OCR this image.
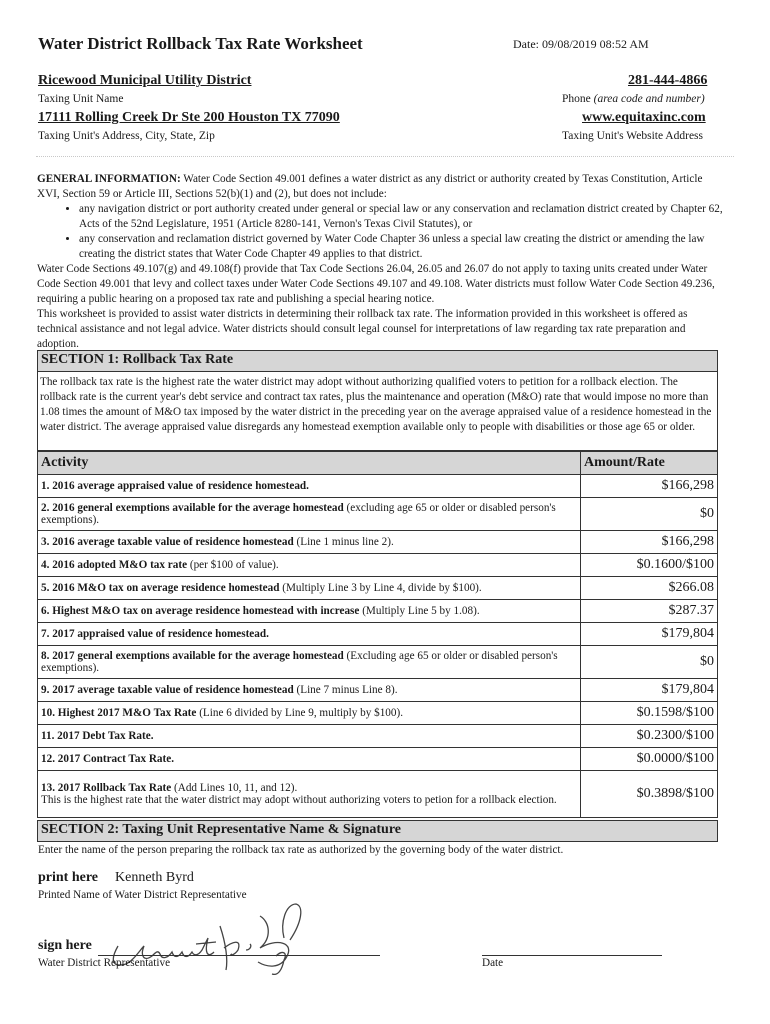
Water District Rollback Tax Rate Worksheet	Date: 09/08/2019 08:52 AM
Ricewood Municipal Utility District
Taxing Unit Name
281-444-4866
Phone (area code and number)
17111 Rolling Creek Dr Ste 200 Houston TX 77090
Taxing Unit's Address, City, State, Zip
www.equitaxinc.com
Taxing Unit's Website Address

GENERAL INFORMATION: Water Code Section 49.001 defines a water district as any district or authority created by Texas Constitution, Article XVI, Section 59 or Article III, Sections 52(b)(1) and (2), but does not include:

• any navigation district or port authority created under general or special law or any conservation and reclamation district created by Chapter 62, Acts of the 52nd Legislature, 1951 (Article 8280-141, Vernon's Texas Civil Statutes), or
• any conservation and reclamation district governed by Water Code Chapter 36 unless a special law creating the district or amending the law creating the district states that Water Code Chapter 49 applies to that district.

Water Code Sections 49.107(g) and 49.108(f) provide that Tax Code Sections 26.04, 26.05 and 26.07 do not apply to taxing units created under Water Code Section 49.001 that levy and collect taxes under Water Code Sections 49.107 and 49.108. Water districts must follow Water Code Section 49.236, requiring a public hearing on a proposed tax rate and publishing a special hearing notice.

This worksheet is provided to assist water districts in determining their rollback tax rate. The information provided in this worksheet is offered as technical assistance and not legal advice. Water districts should consult legal counsel for interpretations of law regarding tax rate preparation and adoption.

SECTION 1: Rollback Tax Rate
The rollback tax rate is the highest rate the water district may adopt without authorizing qualified voters to petition for a rollback election. The rollback rate is the current year's debt service and contract tax rates, plus the maintenance and operation (M&O) rate that would impose no more than 1.08 times the amount of M&O tax imposed by the water district in the preceding year on the average appraised value of a residence homestead in the water district. The average appraised value disregards any homestead exemption available only to people with disabilities or those age 65 or older.
Activity	Amount/Rate
1. 2016 average appraised value of residence homestead.	$166,298
2. 2016 general exemptions available for the average homestead (excluding age 65 or older or disabled person's exemptions).	$0
3. 2016 average taxable value of residence homestead (Line 1 minus line 2).	$166,298
4. 2016 adopted M&O tax rate (per $100 of value).	$0.1600/$100
5. 2016 M&O tax on average residence homestead (Multiply Line 3 by Line 4, divide by $100).	$266.08
6. Highest M&O tax on average residence homestead with increase (Multiply Line 5 by 1.08).	$287.37
7. 2017 appraised value of residence homestead.	$179,804
8. 2017 general exemptions available for the average homestead (Excluding age 65 or older or disabled person's exemptions).	$0
9. 2017 average taxable value of residence homestead (Line 7 minus Line 8).	$179,804
10. Highest 2017 M&O Tax Rate (Line 6 divided by Line 9, multiply by $100).	$0.1598/$100
11. 2017 Debt Tax Rate.	$0.2300/$100
12. 2017 Contract Tax Rate.	$0.0000/$100
13. 2017 Rollback Tax Rate (Add Lines 10, 11, and 12).
This is the highest rate that the water district may adopt without authorizing voters to petion for a rollback election.	$0.3898/$100
SECTION 2: Taxing Unit Representative Name & Signature
Enter the name of the person preparing the rollback tax rate as authorized by the governing body of the water district.
print here Kenneth Byrd
Printed Name of Water District Representative
sign here
Water District Representative	Date
